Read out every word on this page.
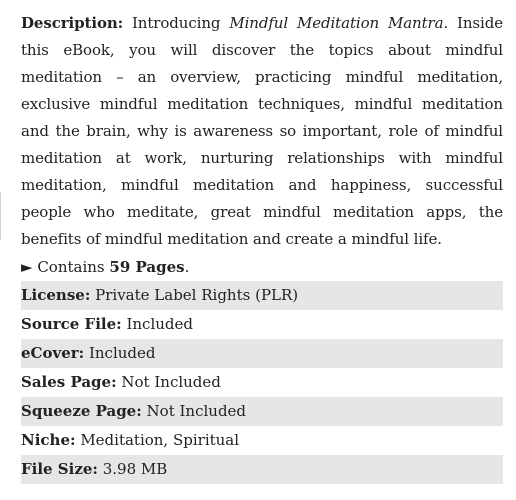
Description: Introducing Mindful Meditation Mantra. Inside this eBook, you will discover the topics about mindful meditation – an overview, practicing mindful meditation, exclusive mindful meditation techniques, mindful meditation and the brain, why is awareness so important, role of mindful meditation at work, nurturing relationships with mindful meditation, mindful meditation and happiness, successful people who meditate, great mindful meditation apps, the benefits of mindful meditation and create a mindful life.

► Contains 59 Pages.

License: Private Label Rights (PLR)
Source File: Included
eCover: Included
Sales Page: Not Included
Squeeze Page: Not Included
Niche: Meditation, Spiritual
File Size: 3.98 MB
